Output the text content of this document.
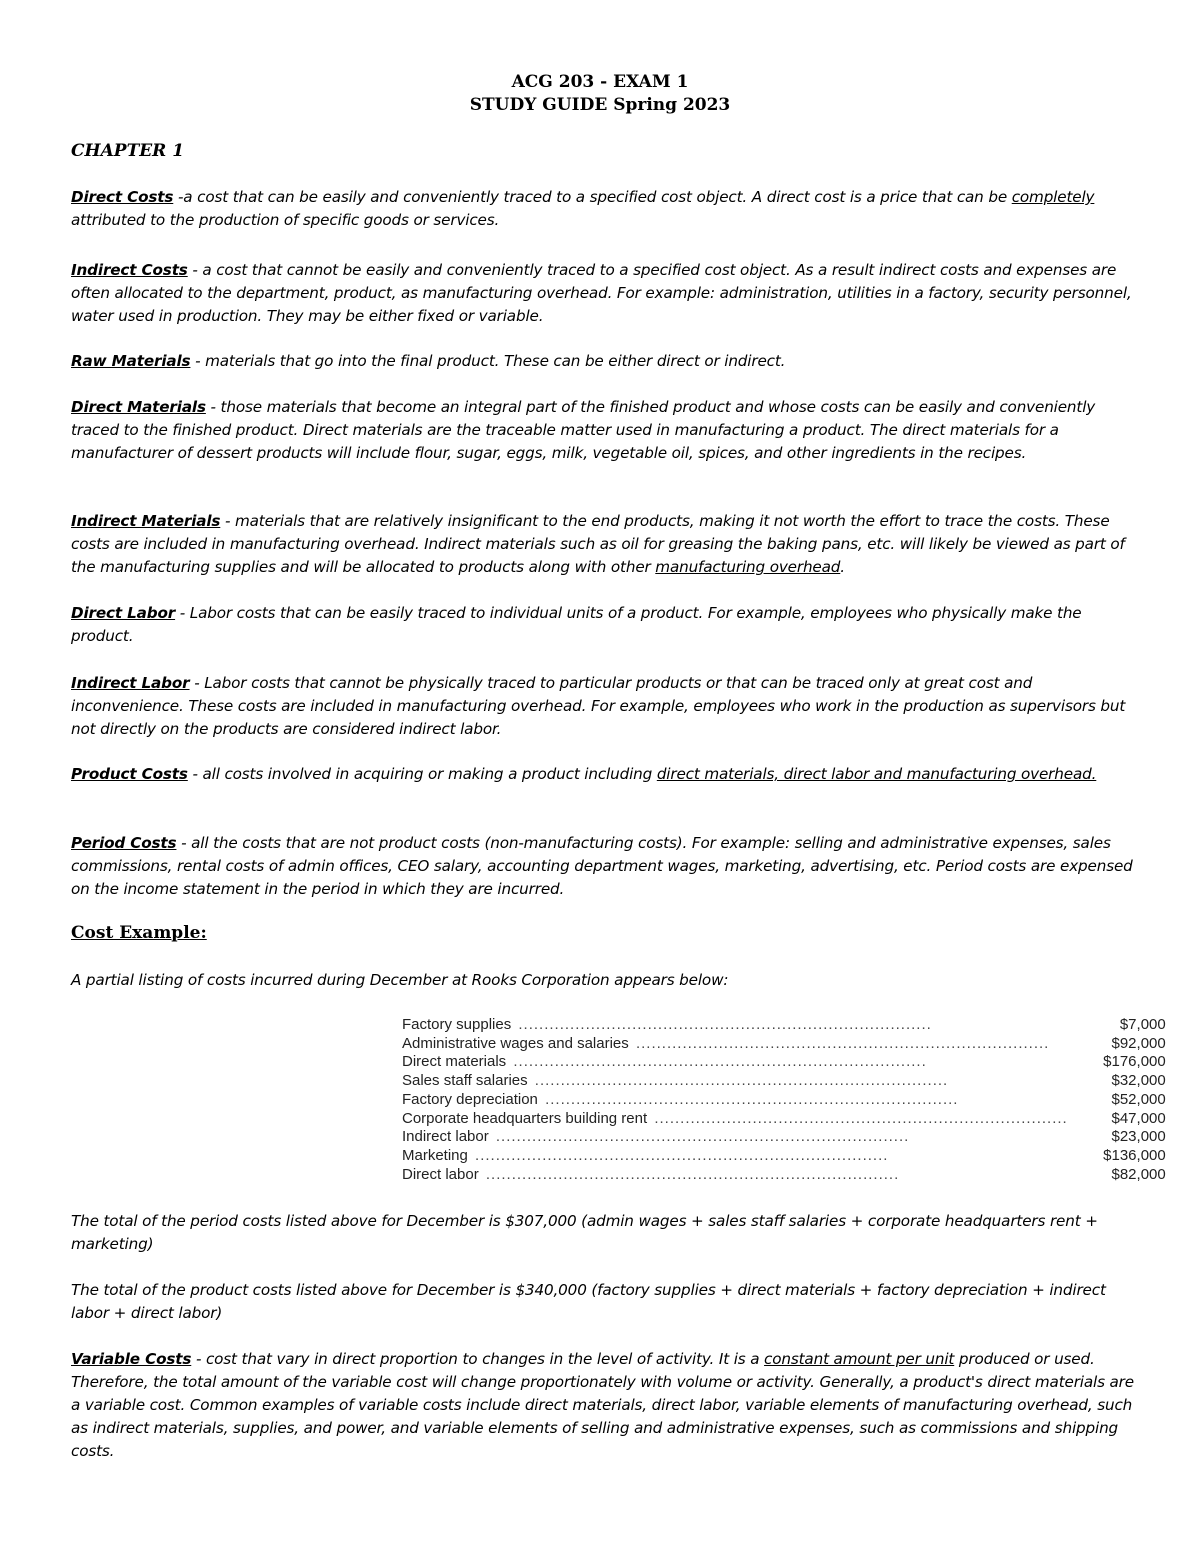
ACG 203 - EXAM 1
STUDY GUIDE Spring 2023
CHAPTER 1
Direct Costs -a cost that can be easily and conveniently traced to a specified cost object. A direct cost is a price that can be completely attributed to the production of specific goods or services.
Indirect Costs - a cost that cannot be easily and conveniently traced to a specified cost object. As a result indirect costs and expenses are often allocated to the department, product, as manufacturing overhead. For example: administration, utilities in a factory, security personnel, water used in production. They may be either fixed or variable.
Raw Materials - materials that go into the final product. These can be either direct or indirect.
Direct Materials - those materials that become an integral part of the finished product and whose costs can be easily and conveniently traced to the finished product. Direct materials are the traceable matter used in manufacturing a product. The direct materials for a manufacturer of dessert products will include flour, sugar, eggs, milk, vegetable oil, spices, and other ingredients in the recipes.
Indirect Materials - materials that are relatively insignificant to the end products, making it not worth the effort to trace the costs. These costs are included in manufacturing overhead. Indirect materials such as oil for greasing the baking pans, etc. will likely be viewed as part of the manufacturing supplies and will be allocated to products along with other manufacturing overhead.
Direct Labor - Labor costs that can be easily traced to individual units of a product. For example, employees who physically make the product.
Indirect Labor - Labor costs that cannot be physically traced to particular products or that can be traced only at great cost and inconvenience. These costs are included in manufacturing overhead. For example, employees who work in the production as supervisors but not directly on the products are considered indirect labor.
Product Costs - all costs involved in acquiring or making a product including direct materials, direct labor and manufacturing overhead.
Period Costs - all the costs that are not product costs (non-manufacturing costs). For example: selling and administrative expenses, sales commissions, rental costs of admin offices, CEO salary, accounting department wages, marketing, advertising, etc. Period costs are expensed on the income statement in the period in which they are incurred.
Cost Example:
A partial listing of costs incurred during December at Rooks Corporation appears below:
Factory supplies ................................................................................	$7,000
Administrative wages and salaries ................................................................................	$92,000
Direct materials ................................................................................	$176,000
Sales staff salaries ................................................................................	$32,000
Factory depreciation ................................................................................	$52,000
Corporate headquarters building rent ................................................................................	$47,000
Indirect labor ................................................................................	$23,000
Marketing ................................................................................	$136,000
Direct labor ................................................................................	$82,000
The total of the period costs listed above for December is $307,000 (admin wages + sales staff salaries + corporate headquarters rent + marketing)
The total of the product costs listed above for December is $340,000 (factory supplies + direct materials + factory depreciation + indirect labor + direct labor)
Variable Costs - cost that vary in direct proportion to changes in the level of activity. It is a constant amount per unit produced or used. Therefore, the total amount of the variable cost will change proportionately with volume or activity. Generally, a product's direct materials are a variable cost. Common examples of variable costs include direct materials, direct labor, variable elements of manufacturing overhead, such as indirect materials, supplies, and power, and variable elements of selling and administrative expenses, such as commissions and shipping costs.
